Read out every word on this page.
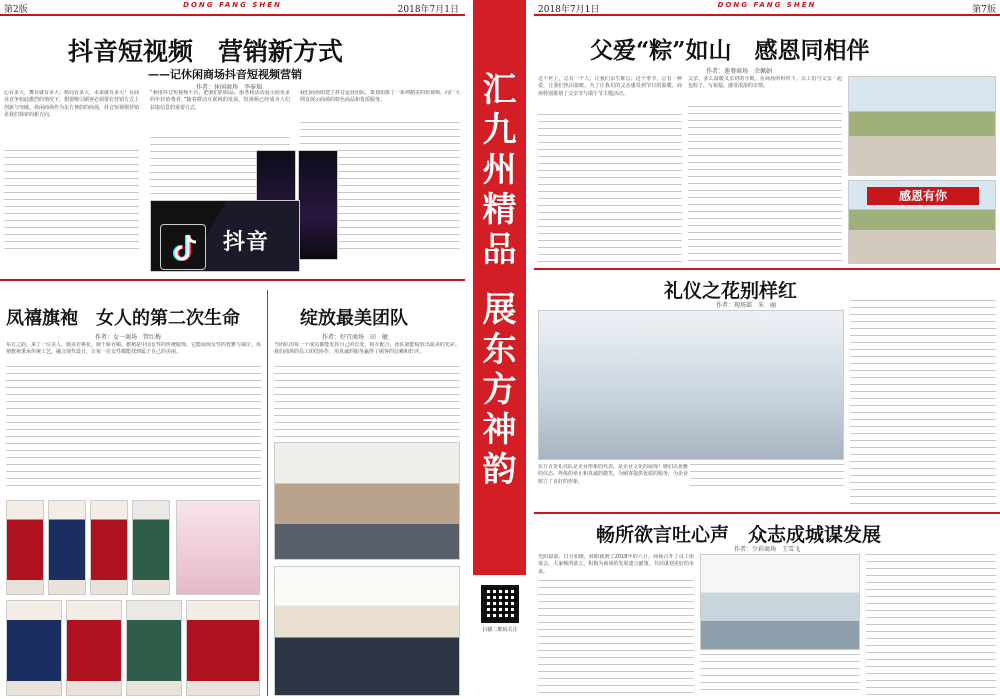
第2版	DONG FANG SHEN	2018年7月1日
抖音短视频　营销新方式
——记休闲商场抖音短视频营销
作者：休闲商场　李奉瑞
心有多大，舞台就有多大；格局有多大，未来就有多大！在商业竞争如此激烈的情况下，想要吸引顾客必须要在营销方式上创新与突破。休闲商场作为东方神韵的商场，抖音短视频营销是我们探索的新方向。
“利用抖音短视频平台，把我们的商品、服务和活动展示给更多的年轻消费者。”随着移动互联网的发展，短视频已经成为人们获取信息的重要方式。
我们商场组建了抖音运营团队，策划拍摄了一系列精美的短视频，向广大网友展示商场的特色商品和优质服务。
抖音
凤禧旗袍　女人的第二次生命
作者：女一商场　管红梅
东方之韵，来了一位美人。她美若桃花，她千娇百媚。旗袍是中国女性的传统服饰，它能展现女性的优雅与端庄。凤禧旗袍秉承传统工艺，融合现代设计，让每一位女性都能找到属于自己的美丽。
绽放最美团队
作者：好宜商场　田　敏
当团队的每一个成员都能发挥自己的长处，相互配合，团队就能绽放出最美的光彩。我们商场的员工团结协作，用真诚的服务赢得了顾客的信赖和好评。
汇
九
州
精
品
展
东
方
神
韵
扫描二维码关注
2018年7月1日	DONG FANG SHEN	第7版
父爱“粽”如山　感恩同相伴
作者：莲葵商场　余佩娟
这个世上，总有一个人，让我们永生难忘；这个季节，总有一种爱，让我们热泪盈眶。为了让我们的父亲感受到节日的温暖，商场特别策划了父亲节与端午节主题活动。
父亲，多么温暖又亲切的字眼。在商场的组织下，员工们与父亲一起包粽子、写祝福，感受浓浓的亲情。
感恩有你
礼仪之花别样红
作者：现场部　朱　丽
东方百货礼仪队是企业形象的代表，是企业文化的展现！她们以优雅的仪态、得体的举止和真诚的微笑，为顾客提供优质的服务，为企业树立了良好的形象。
畅所欲言吐心声　众志成城谋发展
作者：少彩商场　王雪飞
光阴似箭，日月如梭，转眼就到了2018年的六月。商场召开了员工座谈会，大家畅所欲言，积极为商场的发展建言献策，共同谋划美好的未来。
